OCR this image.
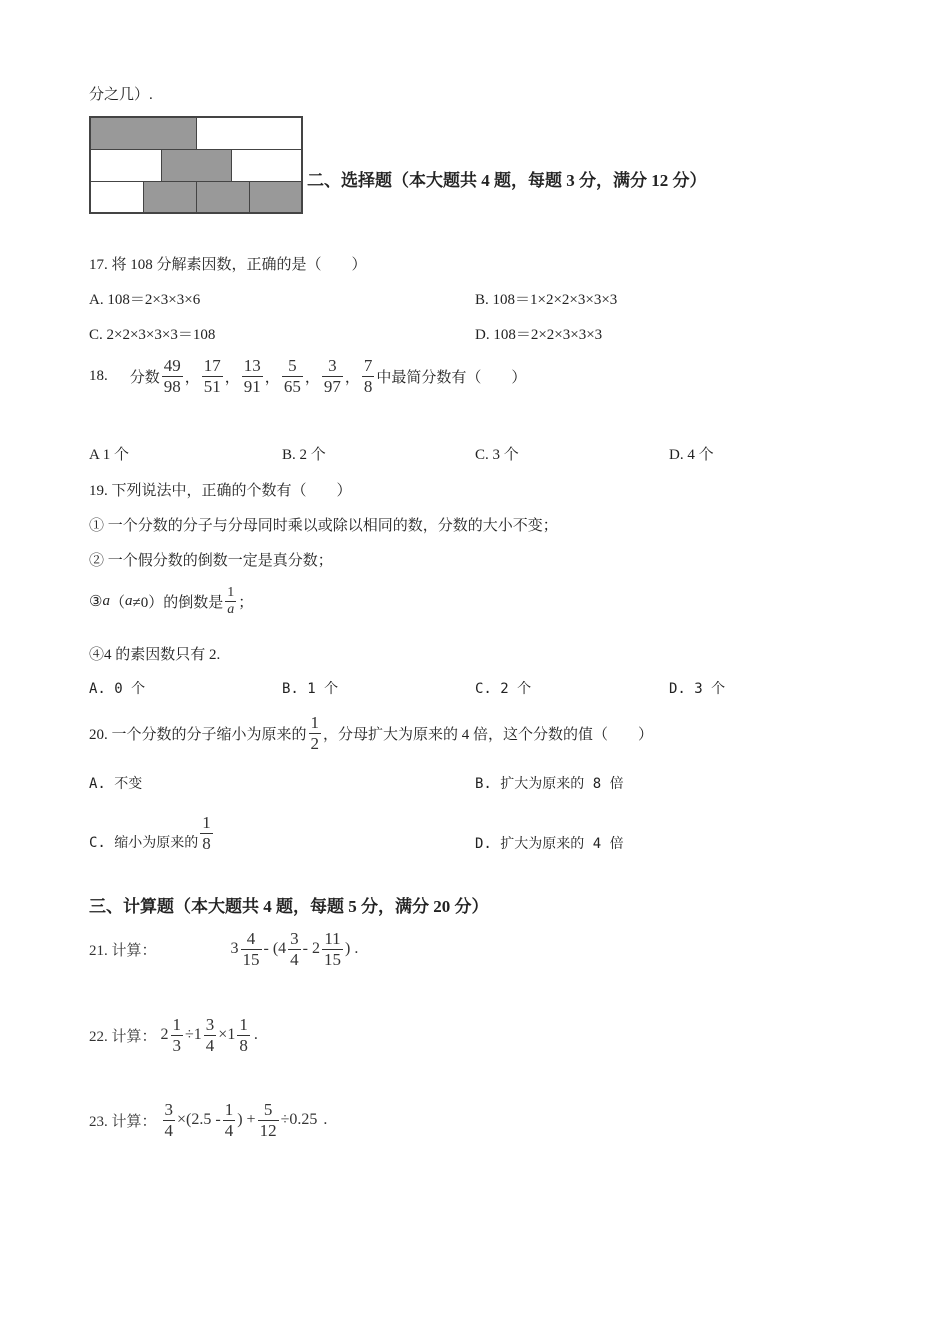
分之几）.
二、选择题（本大题共 4 题，每题 3 分，满分 12 分）
17. 将 108 分解素因数，正确的是（　　）
A. 108＝2×3×3×6	B. 108＝1×2×2×3×3×3
C. 2×2×3×3×3＝108	D. 108＝2×2×3×3×3
18. 分数 $\frac{49}{98}$ ， $\frac{17}{51}$ ， $\frac{13}{91}$ ， $\frac{5}{65}$ ， $\frac{3}{97}$ ， $\frac{7}{8}$ 中最简分数有（　　）
A 1 个	B. 2 个	C. 3 个	D. 4 个
19. 下列说法中，正确的个数有（　　）
① 一个分数的分子与分母同时乘以或除以相同的数，分数的大小不变；
② 一个假分数的倒数一定是真分数；
③ a （ a ≠0）的倒数是 $\frac{1}{a}$ ；
④4 的素因数只有 2.
A. 0 个	B. 1 个	C. 2 个	D. 3 个
20. 一个分数的分子缩小为原来的 $\frac{1}{2}$ ，分母扩大为原来的 4 倍，这个分数的值（　　）
A. 不变	B. 扩大为原来的 8 倍
C. 缩小为原来的 $\frac{1}{8}$	D. 扩大为原来的 4 倍
三、计算题（本大题共 4 题，每题 5 分，满分 20 分）
21. 计算：	$3 \frac{4}{15} - (4 \frac{3}{4} - 2 \frac{11}{15}$ ) .
22. 计算： $2 \frac{1}{3} \div 1 \frac{3}{4} \times 1 \frac{1}{8}$ .
23. 计算： $\frac{3}{4} \times(2.5 - \frac{1}{4}$ ) + $\frac{5}{12} \div 0.25$ .
